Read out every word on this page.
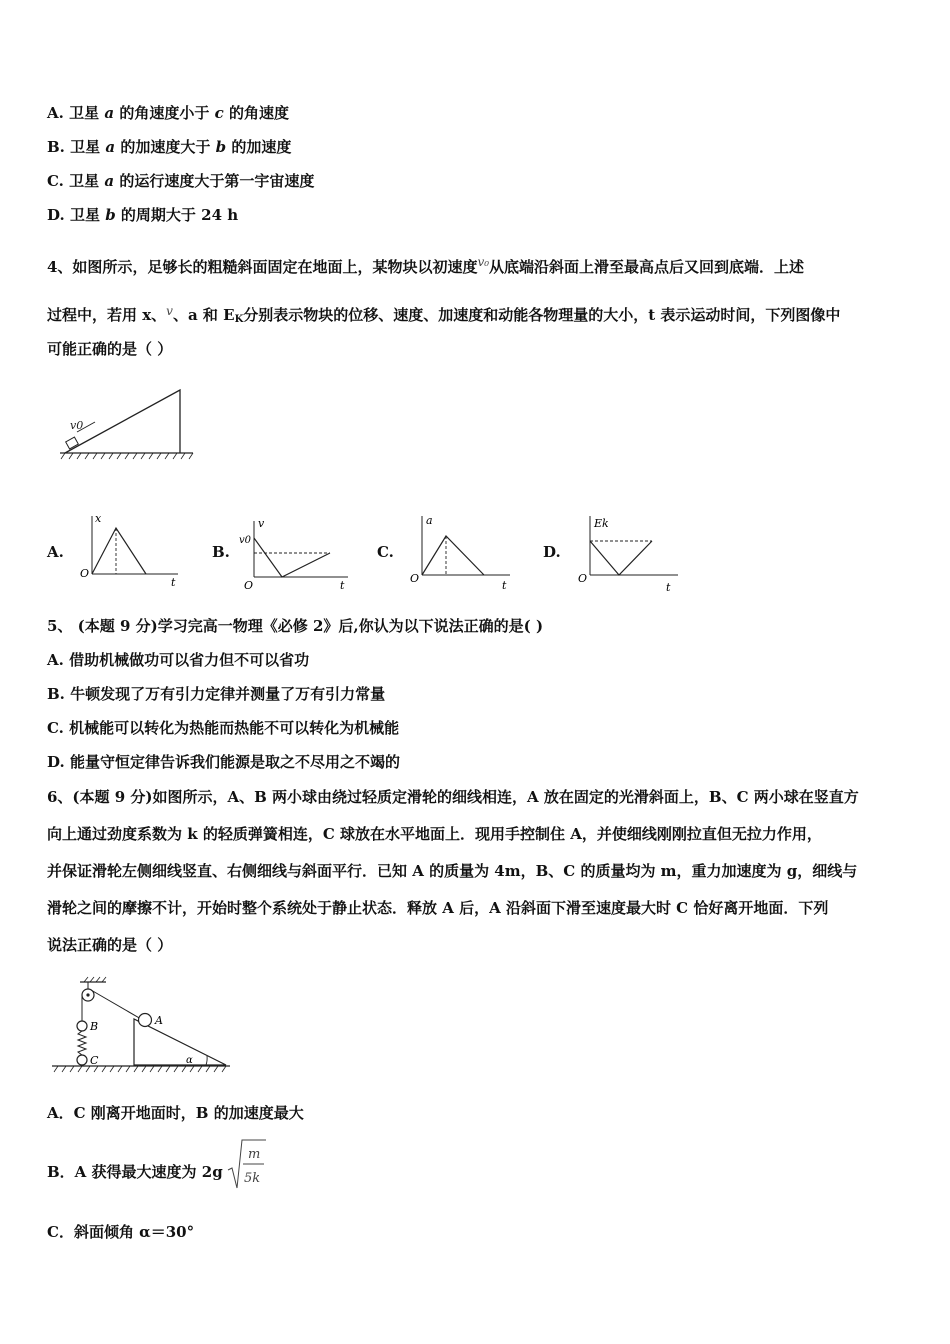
A. 卫星 a 的角速度小于 c 的角速度
B. 卫星 a 的加速度大于 b 的加速度
C. 卫星 a 的运行速度大于第一宇宙速度
D. 卫星 b 的周期大于 24 h
4、如图所示，足够长的粗糙斜面固定在地面上，某物块以初速度$^{v_0}$从底端沿斜面上滑至最高点后又回到底端．上述
过程中，若用 x、$^v$、a 和 $E_K$分别表示物块的位移、速度、加速度和动能各物理量的大小，t 表示运动时间，下列图像中
可能正确的是（ ）
v0
A.
x
t
O
B.
v
v0
t
O
C.
a
t
O
D.
Ek
t
O
5、 (本题 9 分)学习完高一物理《必修 2》后,你认为以下说法正确的是( )
A. 借助机械做功可以省力但不可以省功
B. 牛顿发现了万有引力定律并测量了万有引力常量
C. 机械能可以转化为热能而热能不可以转化为机械能
D. 能量守恒定律告诉我们能源是取之不尽用之不竭的
6、(本题 9 分)如图所示，A、B 两小球由绕过轻质定滑轮的细线相连，A 放在固定的光滑斜面上，B、C 两小球在竖直方
向上通过劲度系数为 k 的轻质弹簧相连，C 球放在水平地面上．现用手控制住 A，并使细线刚刚拉直但无拉力作用，
并保证滑轮左侧细线竖直、右侧细线与斜面平行．已知 A 的质量为 4m，B、C 的质量均为 m，重力加速度为 g，细线与
滑轮之间的摩擦不计，开始时整个系统处于静止状态．释放 A 后，A 沿斜面下滑至速度最大时 C 恰好离开地面．下列
说法正确的是（ ）
A
B
C	α
A．C 刚离开地面时，B 的加速度最大
B．A 获得最大速度为 2g
m
5k
C．斜面倾角 α＝30°
